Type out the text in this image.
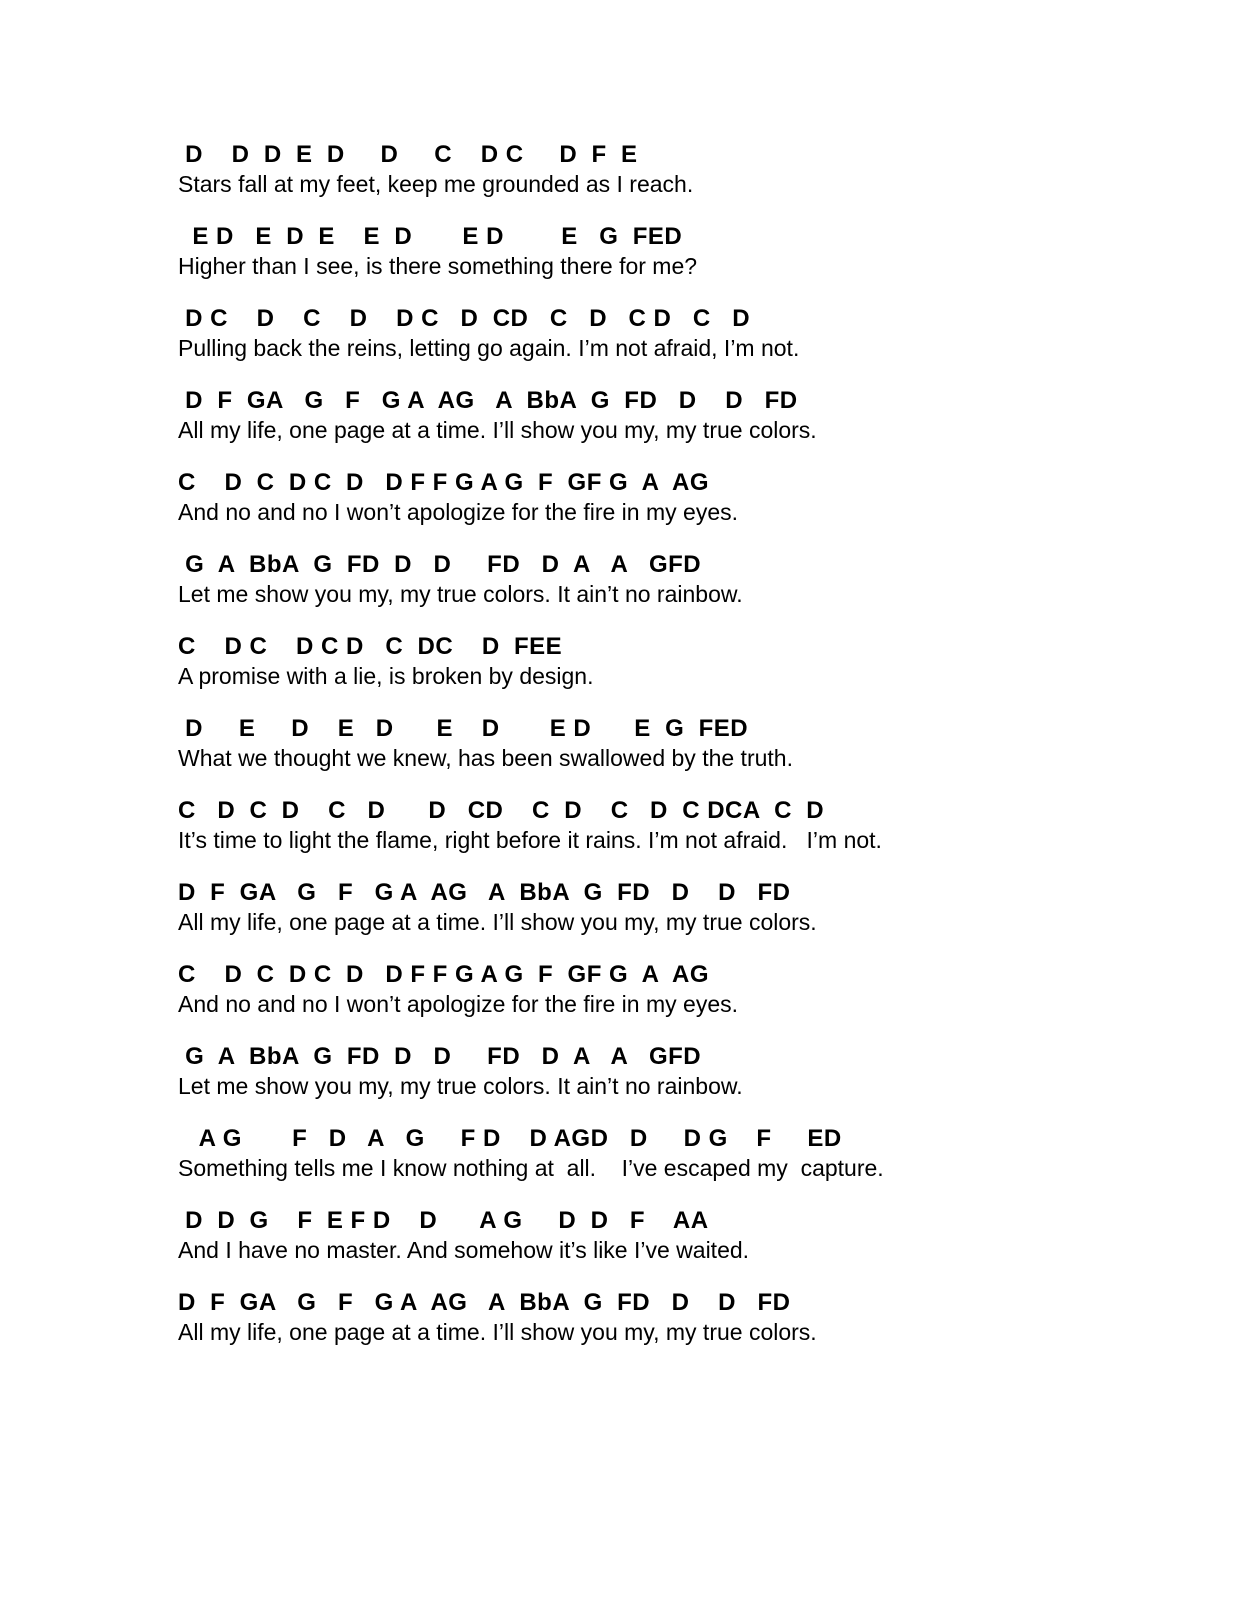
D    D  D  E  D     D     C    D C     D  F  E
Stars fall at my feet, keep me grounded as I reach.
E D   E  D  E    E  D       E D        E   G  FED
Higher than I see, is there something there for me?
D C    D    C    D    D C   D  CD   C   D   C D   C   D
Pulling back the reins, letting go again. I’m not afraid, I’m not.
D  F  GA   G   F   G A  AG   A  BbA  G  FD   D    D   FD
All my life, one page at a time. I’ll show you my, my true colors.
C    D  C  D C  D   D F F G A G  F  GF G  A  AG
And no and no I won’t apologize for the fire in my eyes.
G  A  BbA  G  FD  D   D     FD   D  A   A   GFD
Let me show you my, my true colors. It ain’t no rainbow.
C    D C    D C D   C  DC    D  FEE
A promise with a lie, is broken by design.
D     E     D    E   D      E    D       E D      E  G  FED
What we thought we knew, has been swallowed by the truth.
C   D  C  D    C   D      D   CD    C  D    C   D  C DCA  C  D
It’s time to light the flame, right before it rains. I’m not afraid.   I’m not.
D  F  GA   G   F   G A  AG   A  BbA  G  FD   D    D   FD
All my life, one page at a time. I’ll show you my, my true colors.
C    D  C  D C  D   D F F G A G  F  GF G  A  AG
And no and no I won’t apologize for the fire in my eyes.
G  A  BbA  G  FD  D   D     FD   D  A   A   GFD
Let me show you my, my true colors. It ain’t no rainbow.
A G       F   D   A   G     F D    D AGD   D     D G    F     ED
Something tells me I know nothing at  all.    I’ve escaped my  capture.
D  D  G    F  E F D    D      A G     D  D   F    AA
And I have no master. And somehow it’s like I’ve waited.
D  F  GA   G   F   G A  AG   A  BbA  G  FD   D    D   FD
All my life, one page at a time. I’ll show you my, my true colors.
